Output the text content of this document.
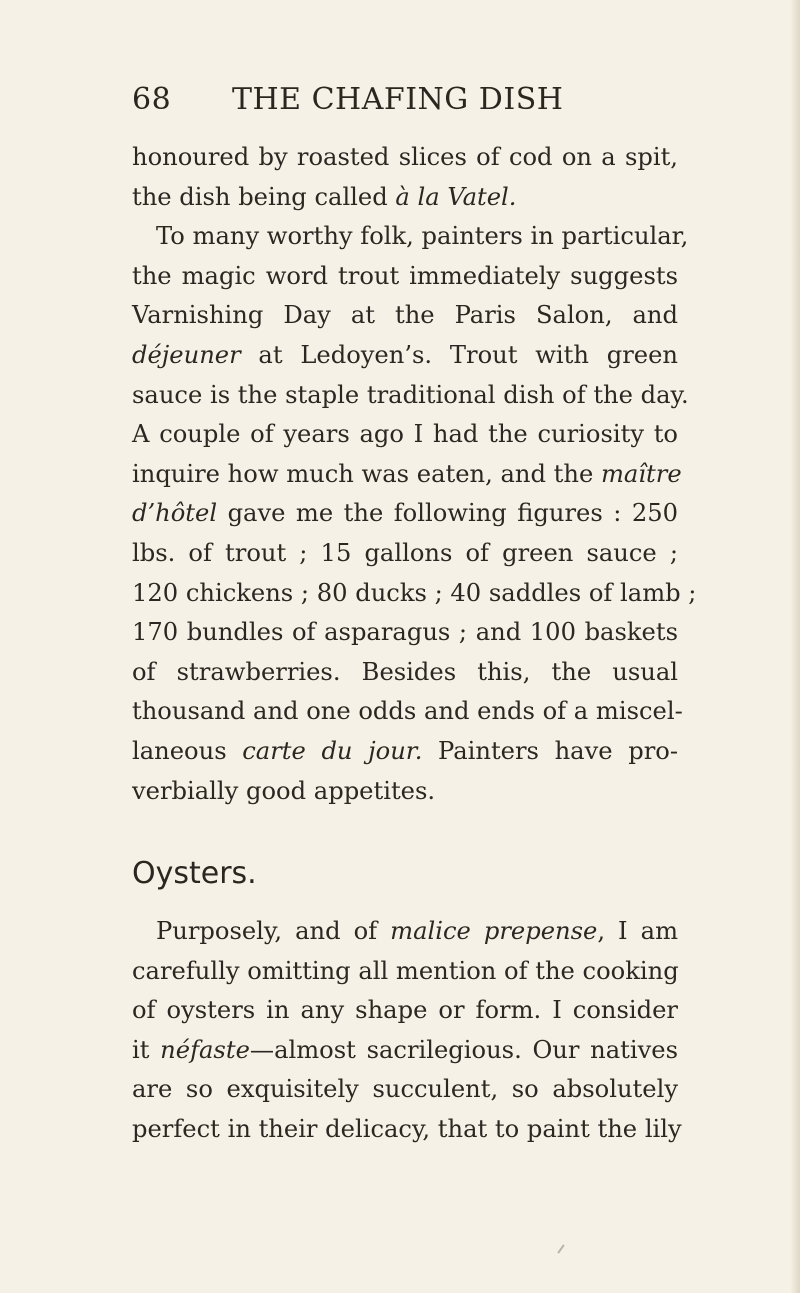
68	THE CHAFING DISH
honoured by roasted slices of cod on a spit,
the dish being called à la Vatel.
To many worthy folk, painters in particular,
the magic word trout immediately suggests
Varnishing Day at the Paris Salon, and
déjeuner at Ledoyen’s. Trout with green
sauce is the staple traditional dish of the day.
A couple of years ago I had the curiosity to
inquire how much was eaten, and the maître
d’hôtel gave me the following figures : 250
lbs. of trout ; 15 gallons of green sauce ;
120 chickens ; 80 ducks ; 40 saddles of lamb ;
170 bundles of asparagus ; and 100 baskets
of strawberries. Besides this, the usual
thousand and one odds and ends of a miscel-
laneous carte du jour. Painters have pro-
verbially good appetites.
Oysters.
Purposely, and of malice prepense, I am
carefully omitting all mention of the cooking
of oysters in any shape or form. I consider
it néfaste—almost sacrilegious. Our natives
are so exquisitely succulent, so absolutely
perfect in their delicacy, that to paint the lily
